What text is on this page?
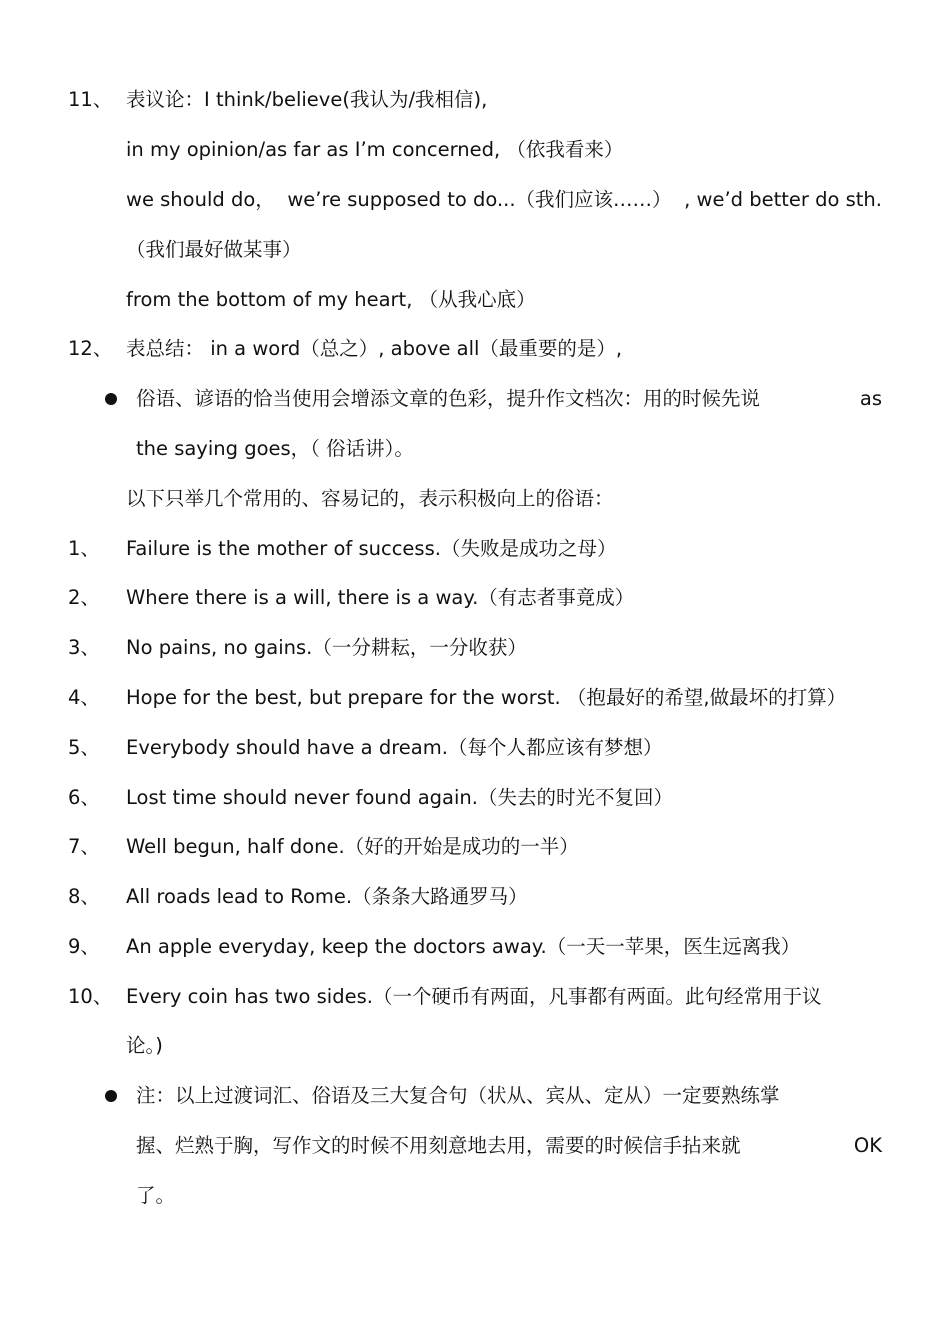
11、 表议论：I think/believe(我认为/我相信),
in my opinion/as far as I’m concerned, （依我看来）
we should do， we’re supposed to do...（我们应该……） , we’d better do sth.
（我们最好做某事）
from the bottom of my heart, （从我心底）
12、 表总结： in a word（总之）, above all（最重要的是）,
俗语、谚语的恰当使用会增添文章的色彩，提升作文档次：用的时候先说	as
the saying goes，（ 俗话讲）。
以下只举几个常用的、容易记的，表示积极向上的俗语：
1、 Failure is the mother of success.（失败是成功之母）
2、 Where there is a will, there is a way.（有志者事竟成）
3、 No pains, no gains.（一分耕耘，一分收获）
4、 Hope for the best, but prepare for the worst. （抱最好的希望,做最坏的打算）
5、 Everybody should have a dream.（每个人都应该有梦想）
6、 Lost time should never found again.（失去的时光不复回）
7、 Well begun, half done.（好的开始是成功的一半）
8、 All roads lead to Rome.（条条大路通罗马）
9、 An apple everyday, keep the doctors away.（一天一苹果，医生远离我）
10、 Every coin has two sides.（一个硬币有两面，凡事都有两面。此句经常用于议
论。)
注：以上过渡词汇、俗语及三大复合句（状从、宾从、定从）一定要熟练掌
握、烂熟于胸，写作文的时候不用刻意地去用，需要的时候信手拈来就	OK
了。
